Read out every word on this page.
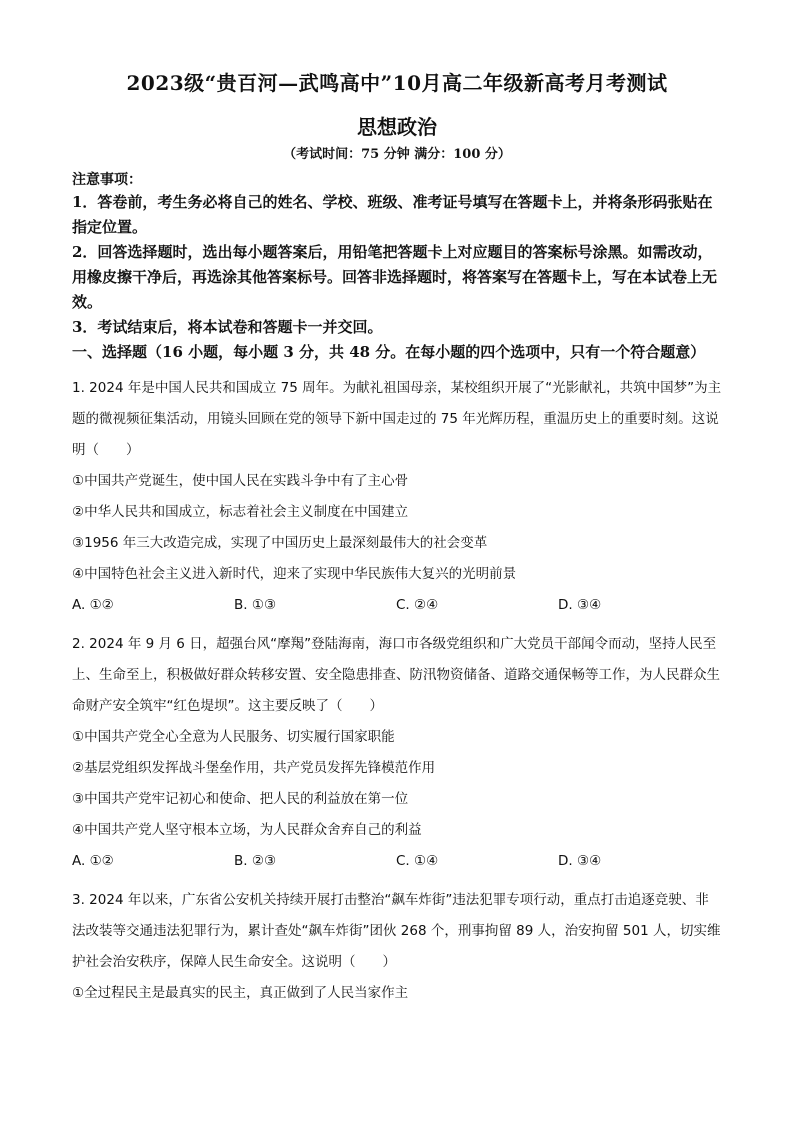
2023级“贵百河—武鸣高中”10月高二年级新高考月考测试
思想政治
（考试时间：75 分钟 满分：100 分）
注意事项：

1．答卷前，考生务必将自己的姓名、学校、班级、准考证号填写在答题卡上，并将条形码张贴在指定位置。

2．回答选择题时，选出每小题答案后，用铅笔把答题卡上对应题目的答案标号涂黑。如需改动，用橡皮擦干净后，再选涂其他答案标号。回答非选择题时，将答案写在答题卡上，写在本试卷上无效。

3．考试结束后，将本试卷和答题卡一并交回。

一、选择题（16 小题，每小题 3 分，共 48 分。在每小题的四个选项中，只有一个符合题意）

1. 2024 年是中国人民共和国成立 75 周年。为献礼祖国母亲，某校组织开展了“光影献礼，共筑中国梦”为主题的微视频征集活动，用镜头回顾在党的领导下新中国走过的 75 年光辉历程，重温历史上的重要时刻。这说明（　　）

①中国共产党诞生，使中国人民在实践斗争中有了主心骨

②中华人民共和国成立，标志着社会主义制度在中国建立

③1956 年三大改造完成，实现了中国历史上最深刻最伟大的社会变革

④中国特色社会主义进入新时代，迎来了实现中华民族伟大复兴的光明前景

A. ①②	B. ①③	C. ②④	D. ③④

2. 2024 年 9 月 6 日，超强台风“摩羯”登陆海南，海口市各级党组织和广大党员干部闻令而动，坚持人民至上、生命至上，积极做好群众转移安置、安全隐患排查、防汛物资储备、道路交通保畅等工作，为人民群众生命财产安全筑牢“红色堤坝”。这主要反映了（　　）

①中国共产党全心全意为人民服务、切实履行国家职能

②基层党组织发挥战斗堡垒作用，共产党员发挥先锋模范作用

③中国共产党牢记初心和使命、把人民的利益放在第一位

④中国共产党人坚守根本立场，为人民群众舍弃自己的利益

A. ①②	B. ②③	C. ①④	D. ③④

3. 2024 年以来，广东省公安机关持续开展打击整治“飙车炸街”违法犯罪专项行动，重点打击追逐竞驶、非法改装等交通违法犯罪行为，累计查处“飙车炸街”团伙 268 个，刑事拘留 89 人，治安拘留 501 人，切实维护社会治安秩序，保障人民生命安全。这说明（　　）

①全过程民主是最真实的民主，真正做到了人民当家作主
